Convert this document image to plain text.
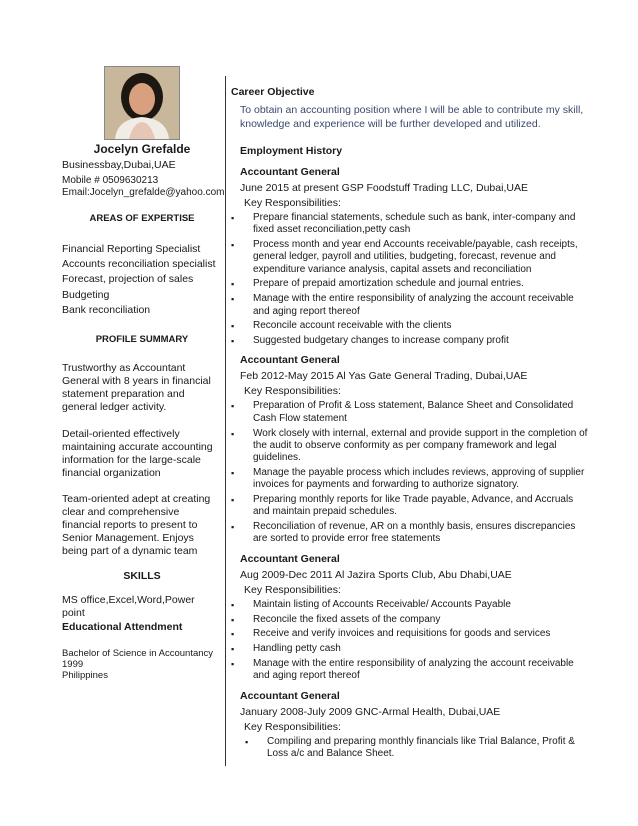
Jocelyn Grefalde
Businessbay,Dubai,UAE
Mobile # 0509630213
Email:Jocelyn_grefalde@yahoo.com
AREAS OF EXPERTISE
Financial Reporting Specialist
Accounts reconciliation specialist
Forecast, projection of sales
Budgeting
Bank reconciliation
PROFILE SUMMARY
Trustworthy as Accountant General with 8 years in financial statement preparation and general ledger activity.
Detail-oriented effectively maintaining accurate accounting information for the large-scale financial organization
Team-oriented adept at creating clear and comprehensive financial reports to present to Senior Management. Enjoys being part of a dynamic team
SKILLS
MS office,Excel,Word,Power point
Educational Attendment
Bachelor of Science in Accountancy
1999
Philippines
Career Objective
To obtain an accounting position where I will be able to contribute my skill, knowledge and experience will be further developed and utilized.
Employment History
Accountant General
June 2015 at present GSP Foodstuff Trading LLC, Dubai,UAE
Key Responsibilities:
▪ Prepare financial statements, schedule such as bank, inter-company and fixed asset reconciliation,petty cash
▪ Process month and year end Accounts receivable/payable, cash receipts, general ledger, payroll and utilities, budgeting, forecast, revenue and expenditure variance analysis, capital assets and reconciliation
▪ Prepare of prepaid amortization schedule and journal entries.
▪ Manage with the entire responsibility of analyzing the account receivable and aging report thereof
▪ Reconcile account receivable with the clients
▪ Suggested budgetary changes to increase company profit
Accountant General
Feb 2012-May 2015 Al Yas Gate General Trading, Dubai,UAE
Key Responsibilities:
▪ Preparation of Profit & Loss statement, Balance Sheet and Consolidated Cash Flow statement
▪ Work closely with internal, external and provide support in the completion of the audit to observe conformity as per company framework and legal guidelines.
▪ Manage the payable process which includes reviews, approving of supplier invoices for payments and forwarding to authorize signatory.
▪ Preparing monthly reports for like Trade payable, Advance, and Accruals and maintain prepaid schedules.
▪ Reconciliation of revenue, AR on a monthly basis, ensures discrepancies are sorted to provide error free statements
Accountant General
Aug 2009-Dec 2011 Al Jazira Sports Club, Abu Dhabi,UAE
Key Responsibilities:
▪ Maintain listing of Accounts Receivable/ Accounts Payable
▪ Reconcile the fixed assets of the company
▪ Receive and verify invoices and requisitions for goods and services
▪ Handling petty cash
▪ Manage with the entire responsibility of analyzing the account receivable and aging report thereof
Accountant General
January 2008-July 2009 GNC-Armal Health, Dubai,UAE
Key Responsibilities:
▪ Compiling and preparing monthly financials like Trial Balance, Profit & Loss a/c and Balance Sheet.
